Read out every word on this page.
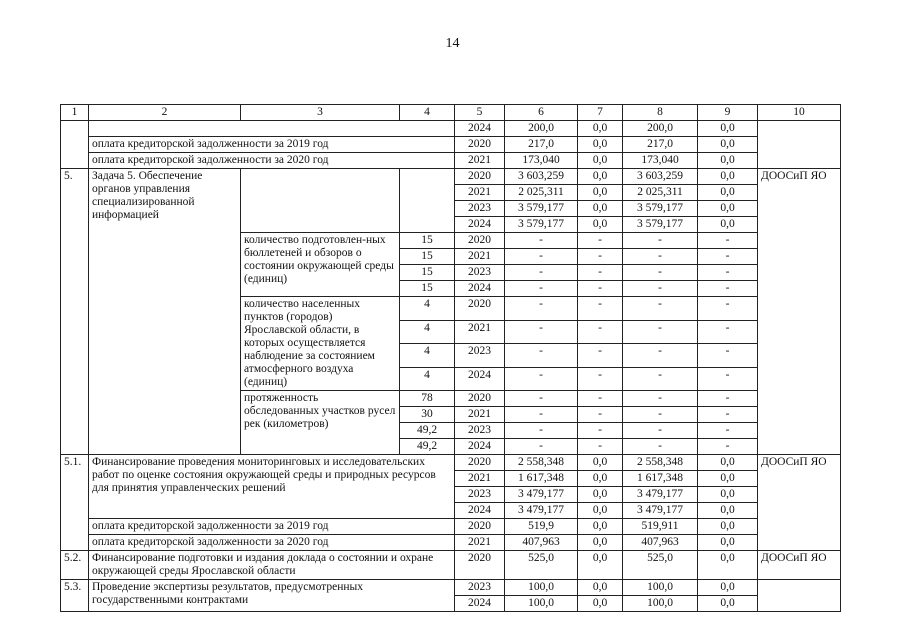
14
1	2	3	4	5	6	7	8	9	10
				2024	200,0	0,0	200,0	0,0	
	оплата кредиторской задолженности за 2019 год			2020	217,0	0,0	217,0	0,0	
	оплата кредиторской задолженности за 2020 год			2021	173,040	0,0	173,040	0,0	
5.	Задача 5. Обеспечение органов управления специализированной информацией			2020	3 603,259	0,0	3 603,259	0,0	ДООСиП ЯО
				2021	2 025,311	0,0	2 025,311	0,0	
				2023	3 579,177	0,0	3 579,177	0,0	
				2024	3 579,177	0,0	3 579,177	0,0	
		количество подготовлен-ных бюллетеней и обзоров о состоянии окружающей среды (единиц)	15	2020	-	-	-	-	
			15	2021	-	-	-	-	
			15	2023	-	-	-	-	
			15	2024	-	-	-	-	
		количество населенных пунктов (городов) Ярославской области, в которых осуществляется наблюдение за состоянием атмосферного воздуха (единиц)	4	2020	-	-	-	-	
			4	2021	-	-	-	-	
			4	2023	-	-	-	-	
			4	2024	-	-	-	-	
		протяженность обследованных участков русел рек (километров)	78	2020	-	-	-	-	
			30	2021	-	-	-	-	
			49,2	2023	-	-	-	-	
			49,2	2024	-	-	-	-	
5.1.	Финансирование проведения мониторинговых и исследовательских работ по оценке состояния окружающей среды и природных ресурсов для принятия управленческих решений			2020	2 558,348	0,0	2 558,348	0,0	ДООСиП ЯО
				2021	1 617,348	0,0	1 617,348	0,0	
				2023	3 479,177	0,0	3 479,177	0,0	
				2024	3 479,177	0,0	3 479,177	0,0	
	оплата кредиторской задолженности за 2019 год			2020	519,9	0,0	519,911	0,0	
	оплата кредиторской задолженности за 2020 год			2021	407,963	0,0	407,963	0,0	
5.2.	Финансирование подготовки и издания доклада о состоянии и охране окружающей среды Ярославской области			2020	525,0	0,0	525,0	0,0	ДООСиП ЯО
5.3.	Проведение экспертизы результатов, предусмотренных государственными контрактами			2023	100,0	0,0	100,0	0,0	
				2024	100,0	0,0	100,0	0,0	
